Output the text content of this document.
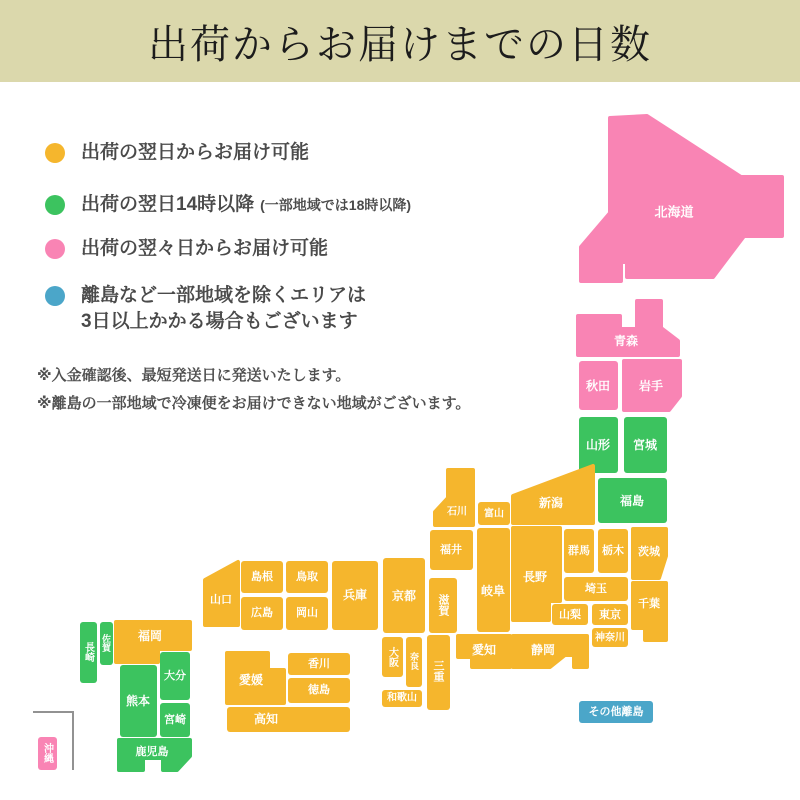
出荷からお届けまでの日数
出荷の翌日からお届け可能
出荷の翌日14時以降 (一部地域では18時以降)
出荷の翌々日からお届け可能
離島など一部地域を除くエリアは
3日以上かかる場合もございます
※入金確認後、最短発送日に発送いたします。
※離島の一部地域で冷凍便をお届けできない地域がございます。
北海道
青森
秋田 岩手
山形 宮城
福島
新潟
群馬 栃木 茨城
埼玉
山梨 東京
神奈川
千葉
長野
富山
石川
福井
岐阜
静岡
愛知
京都 滋賀
大阪 奈良 三重
和歌山
兵庫
鳥取
島根
岡山
広島
山口
香川
愛媛
徳島
高知
福岡
佐賀
長崎
大分
熊本
宮崎
鹿児島
沖縄
その他離島
